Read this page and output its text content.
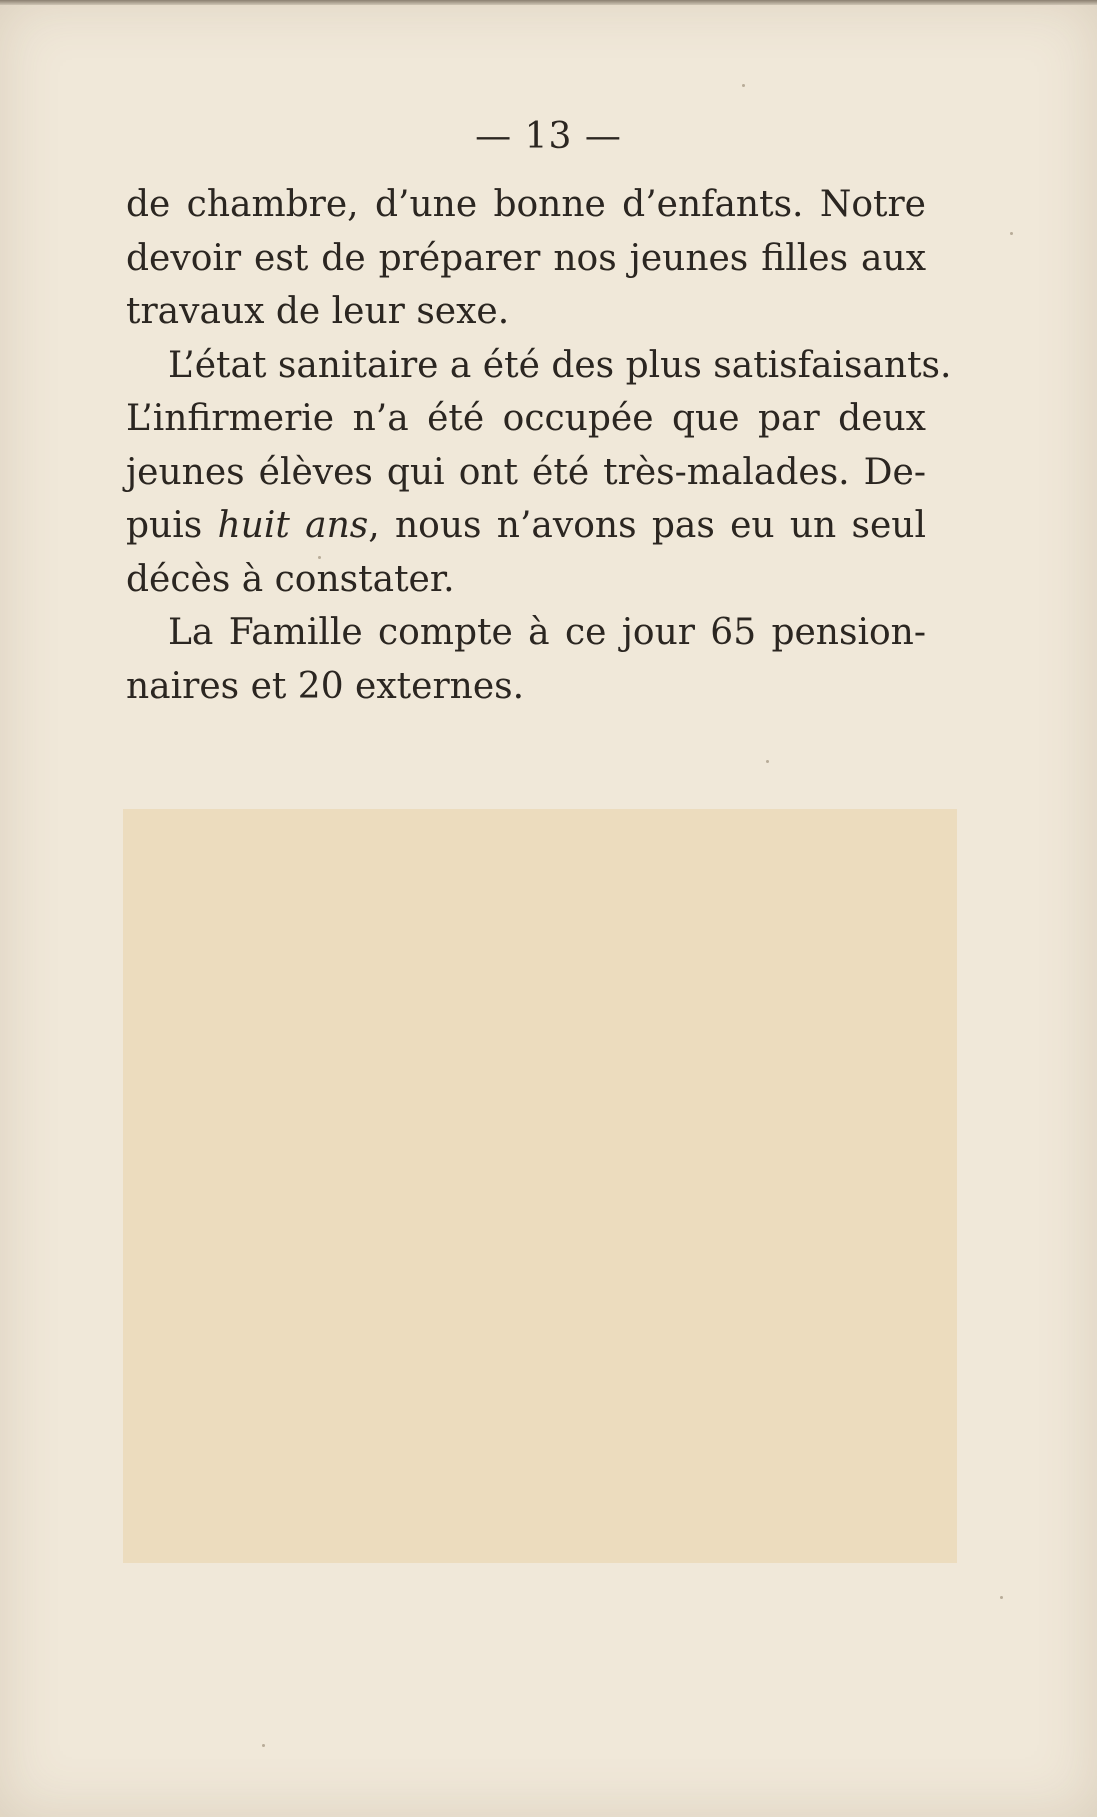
— 13 —
de chambre, d’une bonne d’enfants. Notre
devoir est de préparer nos jeunes filles aux
travaux de leur sexe.
L’état sanitaire a été des plus satisfaisants.
L’infirmerie n’a été occupée que par deux
jeunes élèves qui ont été très-malades. De-
puis huit ans, nous n’avons pas eu un seul
décès à constater.
La Famille compte à ce jour 65 pension-
naires et 20 externes.
